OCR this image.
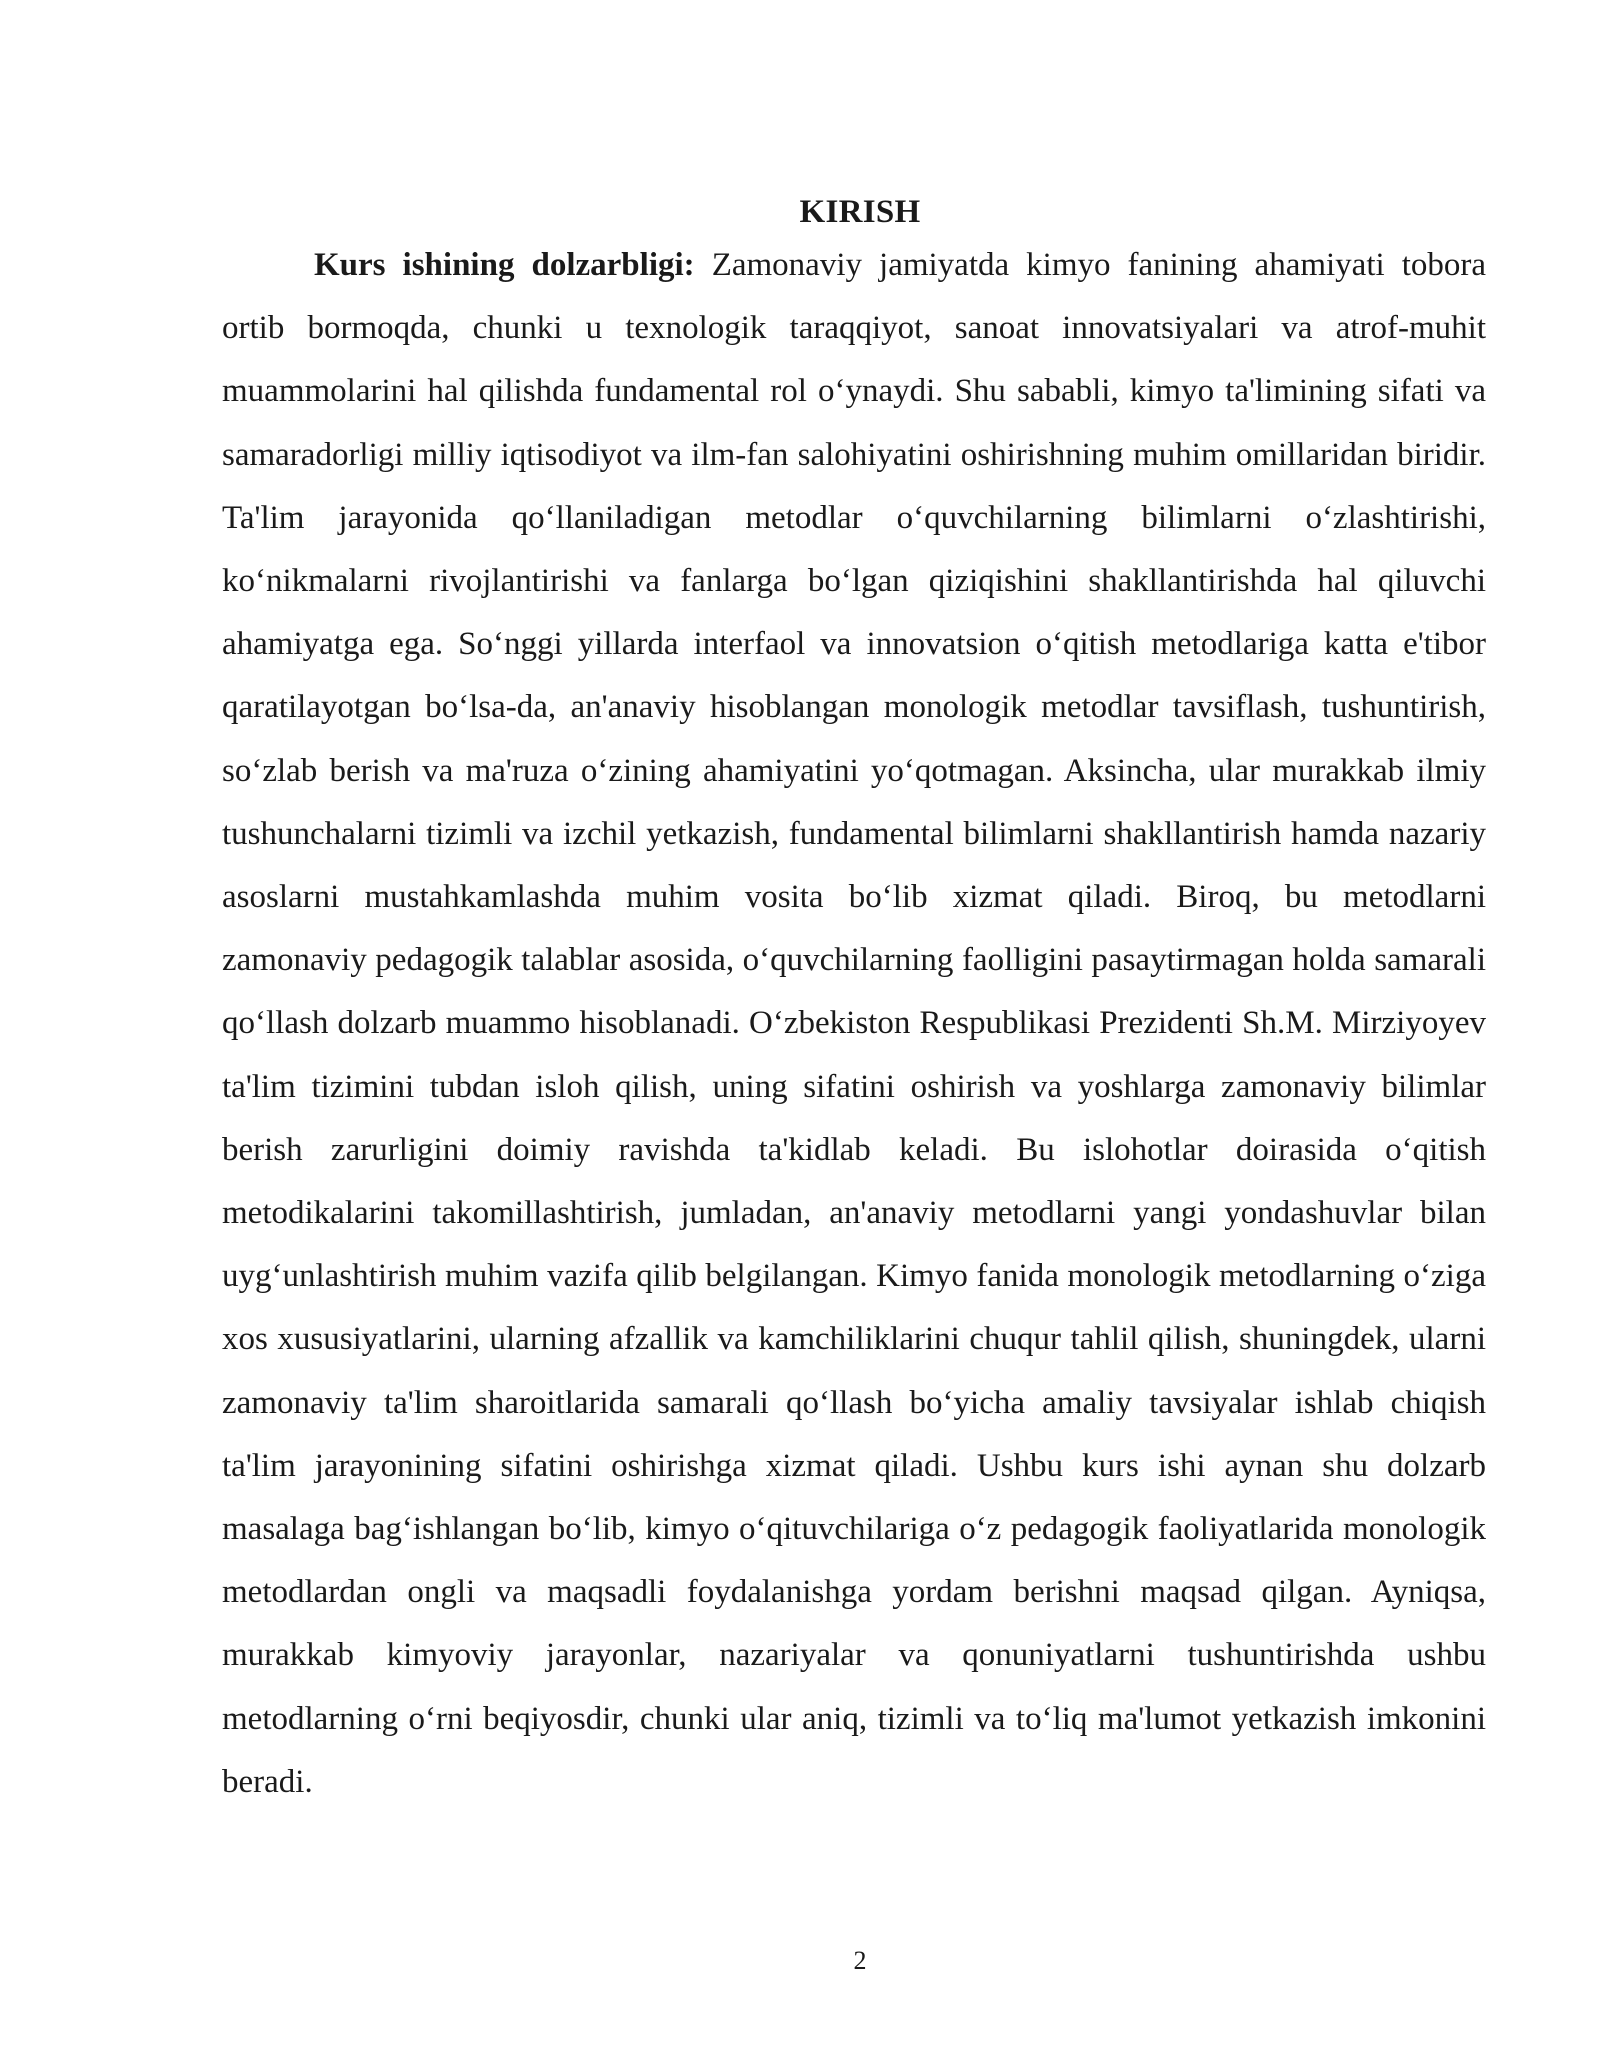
KIRISH

Kurs ishining dolzarbligi: Zamonaviy jamiyatda kimyo fanining ahamiyati tobora ortib bormoqda, chunki u texnologik taraqqiyot, sanoat innovatsiyalari va atrof-muhit muammolarini hal qilishda fundamental rol o‘ynaydi. Shu sababli, kimyo ta'limining sifati va samaradorligi milliy iqtisodiyot va ilm-fan salohiyatini oshirishning muhim omillaridan biridir. Ta'lim jarayonida qo‘llaniladigan metodlar o‘quvchilarning bilimlarni o‘zlashtirishi, ko‘nikmalarni rivojlantirishi va fanlarga bo‘lgan qiziqishini shakllantirishda hal qiluvchi ahamiyatga ega. So‘nggi yillarda interfaol va innovatsion o‘qitish metodlariga katta e'tibor qaratilayotgan bo‘lsa-da, an'anaviy hisoblangan monologik metodlar tavsiflash, tushuntirish, so‘zlab berish va ma'ruza o‘zining ahamiyatini yo‘qotmagan. Aksincha, ular murakkab ilmiy tushunchalarni tizimli va izchil yetkazish, fundamental bilimlarni shakllantirish hamda nazariy asoslarni mustahkamlashda muhim vosita bo‘lib xizmat qiladi. Biroq, bu metodlarni zamonaviy pedagogik talablar asosida, o‘quvchilarning faolligini pasaytirmagan holda samarali qo‘llash dolzarb muammo hisoblanadi. O‘zbekiston Respublikasi Prezidenti Sh.M. Mirziyoyev ta'lim tizimini tubdan isloh qilish, uning sifatini oshirish va yoshlarga zamonaviy bilimlar berish zarurligini doimiy ravishda ta'kidlab keladi. Bu islohotlar doirasida o‘qitish metodikalarini takomillashtirish, jumladan, an'anaviy metodlarni yangi yondashuvlar bilan uyg‘unlashtirish muhim vazifa qilib belgilangan. Kimyo fanida monologik metodlarning o‘ziga xos xususiyatlarini, ularning afzallik va kamchiliklarini chuqur tahlil qilish, shuningdek, ularni zamonaviy ta'lim sharoitlarida samarali qo‘llash bo‘yicha amaliy tavsiyalar ishlab chiqish ta'lim jarayonining sifatini oshirishga xizmat qiladi. Ushbu kurs ishi aynan shu dolzarb masalaga bag‘ishlangan bo‘lib, kimyo o‘qituvchilariga o‘z pedagogik faoliyatlarida monologik metodlardan ongli va maqsadli foydalanishga yordam berishni maqsad qilgan. Ayniqsa, murakkab kimyoviy jarayonlar, nazariyalar va qonuniyatlarni tushuntirishda ushbu metodlarning o‘rni beqiyosdir, chunki ular aniq, tizimli va to‘liq ma'lumot yetkazish imkonini beradi.

2
